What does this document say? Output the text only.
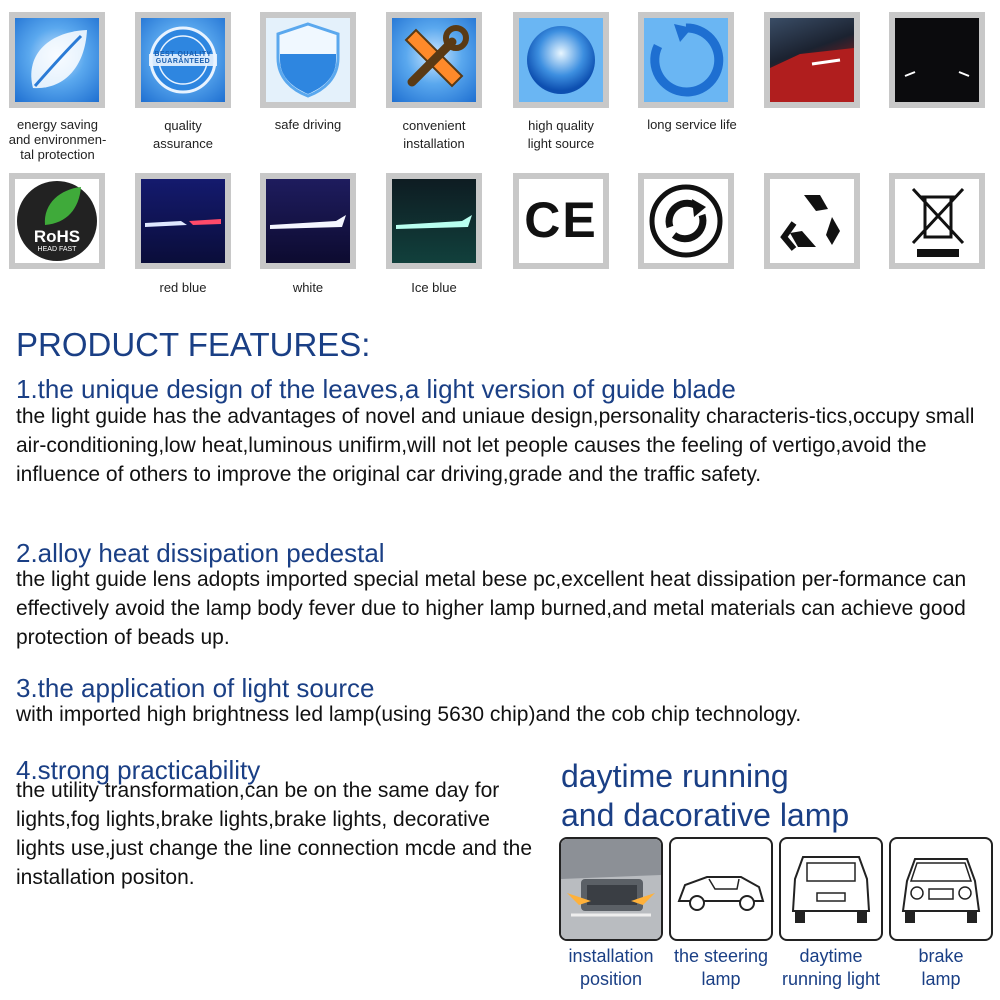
energy saving
and environmen-
tal protection
BEST QUALITY GUARANTEED
quality
assurance
safe driving	convenient
installation
high quality
light source
long service life
RoHS
HEAD FAST
red blue	white	Ice blue
CE
PRODUCT FEATURES:
1.the unique design of the leaves,a light version of guide blade

the light guide has the advantages of novel and uniaue design,personality characteris-tics,occupy small air-conditioning,low heat,luminous unifirm,will not let people causes the feeling of vertigo,avoid the influence of others to improve the original car driving,grade and the traffic safety.

2.alloy heat dissipation pedestal

the light guide lens adopts imported special metal bese pc,excellent heat dissipation per-formance can effectively avoid the lamp body fever due to higher lamp burned,and metal materials can achieve good protection of beads up.

3.the application of light source

with imported high brightness led lamp(using 5630 chip)and the cob chip technology.

4.strong practicability

the utility transformation,can be on the same day for lights,fog lights,brake lights,brake lights, decorative lights use,just change the line connection mcde and the installation positon.

daytime running
and dacorative lamp
installation
position
the steering
lamp
daytime
running light
brake
lamp
